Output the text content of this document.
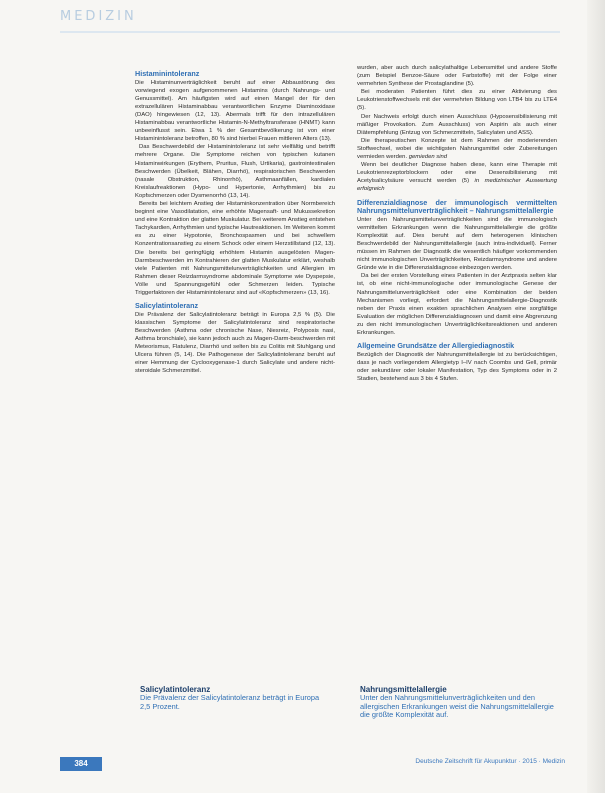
MEDIZIN
Histaminintoleranz

Die Histaminunverträglichkeit beruht auf einer Abbaustörung des vorwiegend exogen aufgenommenen Histamins (durch Nahrungs- und Genussmittel). Am häufigsten wird auf einen Mangel der für den extrazellulären Histaminabbau verantwortlichen Enzyme Diaminoxidase (DAO) hingewiesen (12, 13). Abermals trifft für den intrazellulären Histaminabbau verantwortliche Histamin-N-Methyltransferase (HNMT) kann unbeeinflusst sein. Etwa 1 % der Gesamtbevölkerung ist von einer Histaminintoleranz betroffen, 80 % sind hierbei Frauen mittleren Alters (13).

Das Beschwerdebild der Histaminintoleranz ist sehr vielfältig und betrifft mehrere Organe. Die Symptome reichen von typischen kutanen Histaminwirkungen (Erythem, Pruritus, Flush, Urtikaria), gastrointestinalen Beschwerden (Übelkeit, Blähen, Diarrhö), respiratorischen Beschwerden (nasale Obstruktion, Rhinorrhö), Asthmaanfällen, kardialen Kreislaufreaktionen (Hypo- und Hypertonie, Arrhythmien) bis zu Kopfschmerzen oder Dysmenorrhö (13, 14).

Bereits bei leichtem Anstieg der Histaminkonzentration über Normbereich beginnt eine Vasodilatation, eine erhöhte Magensaft- und Mukussekretion und eine Kontraktion der glatten Muskulatur. Bei weiterem Anstieg entstehen Tachykardien, Arrhythmien und typische Hautreaktionen. Im Weiteren kommt es zu einer Hypotonie, Bronchospasmen und bei schwellem Konzentrationsanstieg zu einem Schock oder einem Herzstillstand (12, 13). Die bereits bei geringfügig erhöhtem Histamin ausgelösten Magen-Darmbeschwerden im Kontrahieren der glatten Muskulatur erklärt, weshalb viele Patienten mit Nahrungsmittelunverträglichkeiten und Allergien im Rahmen dieser Reizdarmsyndrome abdominale Symptome wie Dyspepsie, Völle und Spannungsgefühl oder Schmerzen leiden. Typische Triggerfaktoren der Histaminintoleranz sind auf «Kopfschmerzen» (13, 16).

Salicylatintoleranz

Die Prävalenz der Salicylatintoleranz beträgt in Europa 2,5 % (5). Die klassischen Symptome der Salicylatintoleranz sind respiratorische Beschwerden (Asthma oder chronische Nase, Niesreiz, Polyposis nasi, Asthma bronchiale), sie kann jedoch auch zu Magen-Darm-beschwerden mit Meteorismus, Flatulenz, Diarrhö und selten bis zu Colitis mit Stuhlgang und Ulcera führen (5, 14). Die Pathogenese der Salicylatintoleranz beruht auf einer Hemmung der Cyclooxygenase-1 durch Salicylate und andere nicht-steroidale Schmerzmittel.

wurden, aber auch durch salicylathaltige Lebensmittel und andere Stoffe (zum Beispiel Benzoe-Säure oder Farbstoffe) mit der Folge einer vermehrten Synthese der Prostaglandine (5).

Bei moderaten Patienten führt dies zu einer Aktivierung des Leukotrienstoffwechsels mit der vermehrten Bildung von LTB4 bis zu LTE4 (5).

Der Nachweis erfolgt durch einen Ausschluss (Hyposensibilisierung mit mäßiger Provokation. Zum Ausschluss) von Aspirin als auch einer Diätempfehlung (Entzug von Schmerzmitteln, Salicylaten und ASS).

Die therapeutischen Konzepte ist dem Rahmen der moderierenden Stoffwechsel, wobei die wichtigsten Nahrungsmittel oder Zubereitungen vermieden werden. gemieden sind

Wenn bei deutlicher Diagnose haben diese, kann eine Therapie mit Leukotrienrezeptorblockern oder eine Desensibilisierung mit Acetylsalicylsäure versucht werden (5) in medizinischer Auswertung erfolgreich

Differenzialdiagnose der immunologisch vermittelten Nahrungsmittelunverträglichkeit – Nahrungsmittelallergie

Unter den Nahrungsmittelunverträglichkeiten sind die immunologisch vermittelten Erkrankungen wenn die Nahrungsmittelallergie die größte Komplexität auf. Dies beruht auf dem heterogenen klinischen Beschwerdebild der Nahrungsmittelallergie (auch intra-individuell). Ferner müssen im Rahmen der Diagnostik die wesentlich häufiger vorkommenden nicht immunologischen Unverträglichkeiten, Reizdarmsyndrome und andere Gründe wie in die Differenzialdiagnose einbezogen werden.

Da bei der ersten Vorstellung eines Patienten in der Arztpraxis selten klar ist, ob eine nicht-immunologische oder immunologische Genese der Nahrungsmittelunverträglichkeit oder eine Kombination der beiden Mechanismen vorliegt, erfordert die Nahrungsmittelallergie-Diagnostik neben der Praxis einen exakten sprachlichen Analysen eine sorgfältige Evaluation der möglichen Differenzialdiagnosen und damit eine Abgrenzung zu den nicht immunologischen Unverträglichkeitsreaktionen und anderen Erkrankungen.

Allgemeine Grundsätze der Allergiediagnostik

Bezüglich der Diagnostik der Nahrungsmittelallergie ist zu berücksichtigen, dass je nach vorliegendem Allergietyp I–IV nach Coombs und Gell, primär oder sekundärer oder lokaler Manifestation, Typ des Symptoms oder in 2 Stadien, bestehend aus 3 bis 4 Stufen.

Salicylatintoleranz
Die Prävalenz der Salicylatintoleranz beträgt in Europa 2,5 Prozent.
Nahrungsmittelallergie
Unter den Nahrungsmittelunverträglichkeiten und den allergischen Erkrankungen weist die Nahrungsmittelallergie die größte Komplexität auf.
384	Deutsche Zeitschrift für Akupunktur · 2015 · Medizin
